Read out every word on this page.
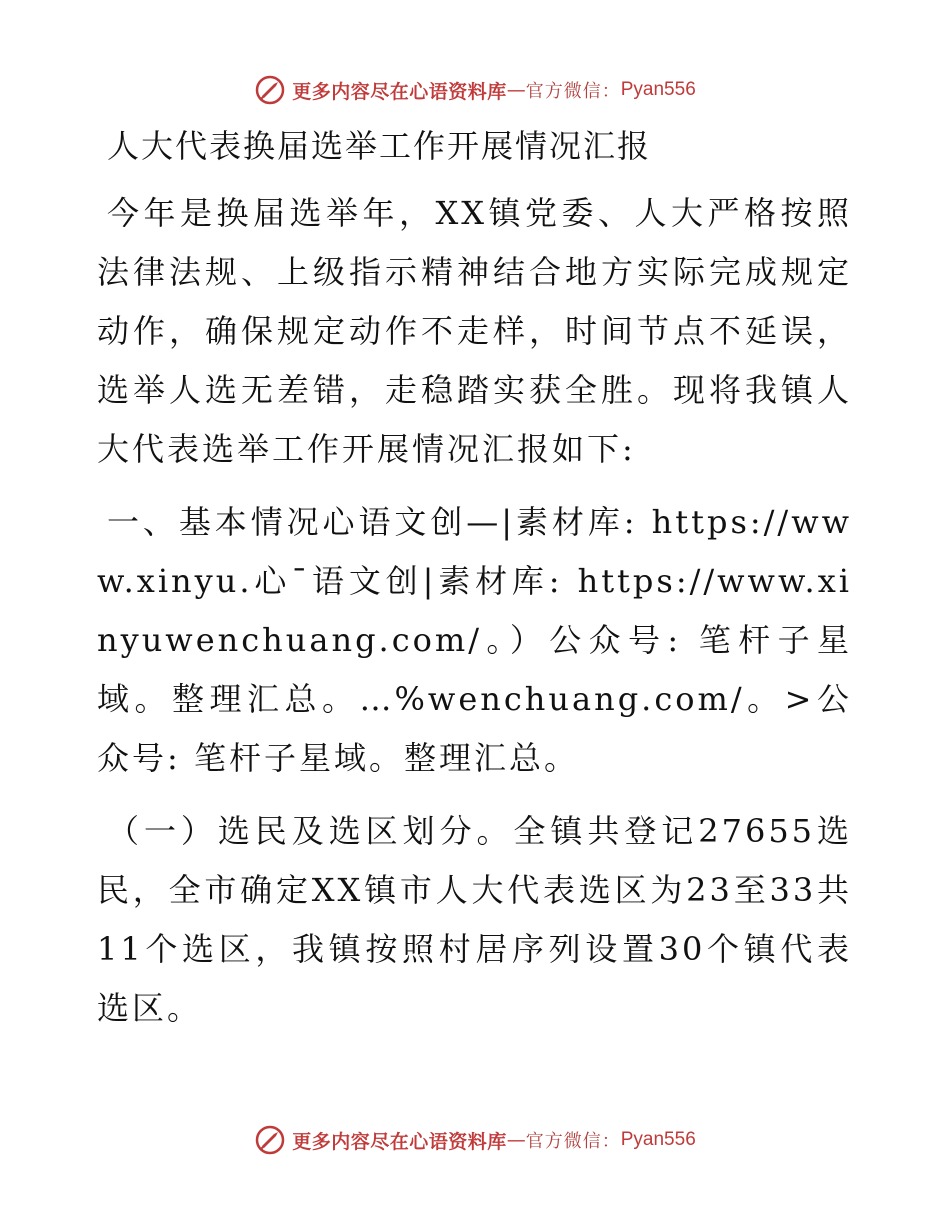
更多内容尽在心语资料库 — 官方微信： Pyan556
人大代表换届选举工作开展情况汇报
今年是换届选举年，XX镇党委、人大严格按照法律法规、上级指示精神结合地方实际完成规定动作，确保规定动作不走样，时间节点不延误，选举人选无差错，走稳踏实获全胜。现将我镇人大代表选举工作开展情况汇报如下:
一、基本情况心语文创—|素材库: https://www.xinyu.心¯语文创|素材库: https://www.xinyuwenchuang.com/。）公众号: 笔杆子星域。整理汇总。…%wenchuang.com/。>公众号: 笔杆子星域。整理汇总。
（一）选民及选区划分。全镇共登记27655选民，全市确定XX镇市人大代表选区为23至33共11个选区，我镇按照村居序列设置30个镇代表选区。
更多内容尽在心语资料库 — 官方微信： Pyan556
